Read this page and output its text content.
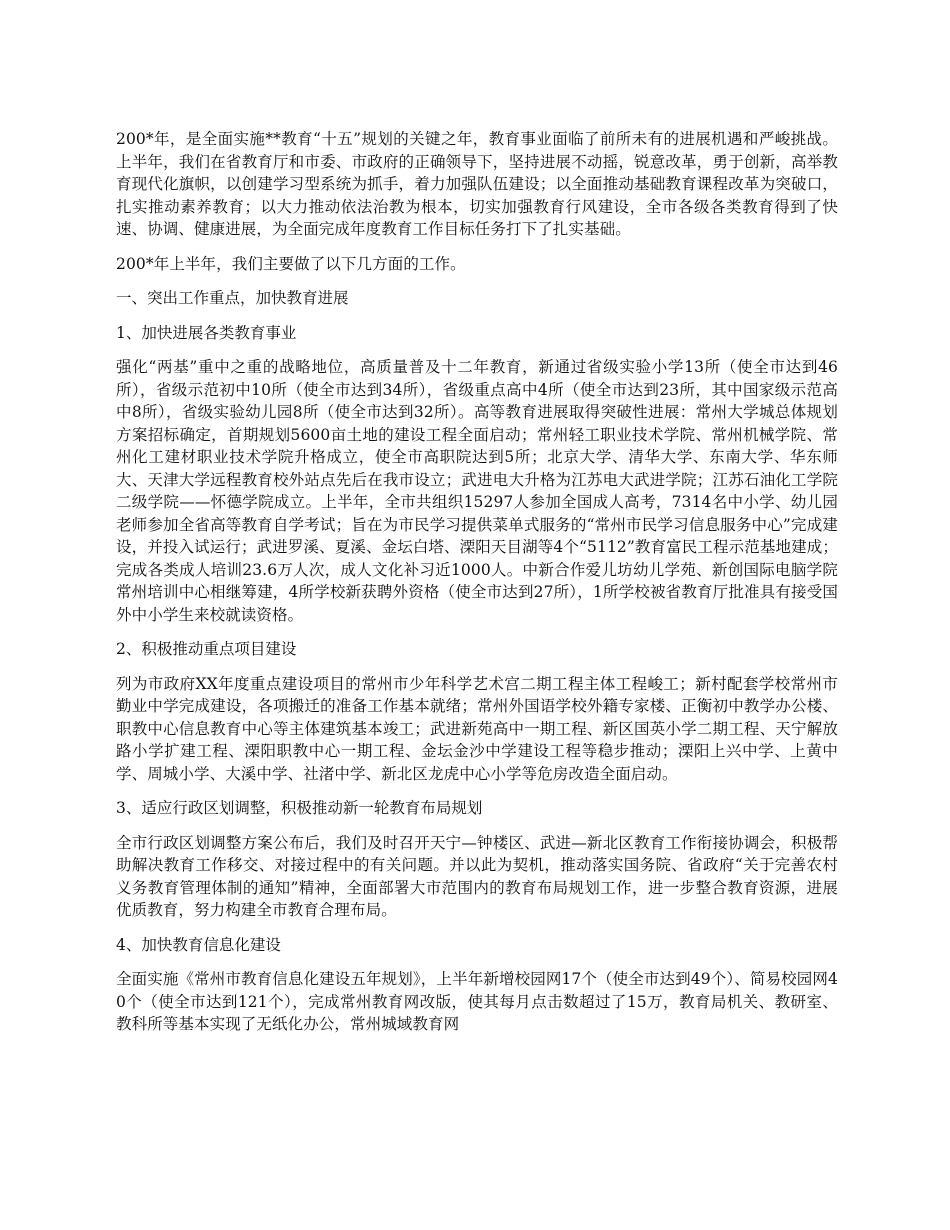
200*年，是全面实施**教育“十五”规划的关键之年，教育事业面临了前所未有的进展机遇和严峻挑战。上半年，我们在省教育厅和市委、市政府的正确领导下，坚持进展不动摇，锐意改革，勇于创新，高举教育现代化旗帜，以创建学习型系统为抓手，着力加强队伍建设；以全面推动基础教育课程改革为突破口，扎实推动素养教育；以大力推动依法治教为根本，切实加强教育行风建设，全市各级各类教育得到了快速、协调、健康进展，为全面完成年度教育工作目标任务打下了扎实基础。

200*年上半年，我们主要做了以下几方面的工作。

一、突出工作重点，加快教育进展

1、加快进展各类教育事业

强化“两基”重中之重的战略地位，高质量普及十二年教育，新通过省级实验小学13所（使全市达到46所），省级示范初中10所（使全市达到34所），省级重点高中4所（使全市达到23所，其中国家级示范高中8所），省级实验幼儿园8所（使全市达到32所）。高等教育进展取得突破性进展：常州大学城总体规划方案招标确定，首期规划5600亩土地的建设工程全面启动；常州轻工职业技术学院、常州机械学院、常州化工建材职业技术学院升格成立，使全市高职院达到5所；北京大学、清华大学、东南大学、华东师大、天津大学远程教育校外站点先后在我市设立；武进电大升格为江苏电大武进学院；江苏石油化工学院二级学院——怀德学院成立。上半年，全市共组织15297人参加全国成人高考，7314名中小学、幼儿园老师参加全省高等教育自学考试；旨在为市民学习提供菜单式服务的“常州市民学习信息服务中心”完成建设，并投入试运行；武进罗溪、夏溪、金坛白塔、溧阳天目湖等4个“5112”教育富民工程示范基地建成；完成各类成人培训23.6万人次，成人文化补习近1000人。中新合作爱儿坊幼儿学苑、新创国际电脑学院常州培训中心相继筹建，4所学校新获聘外资格（使全市达到27所），1所学校被省教育厅批准具有接受国外中小学生来校就读资格。

2、积极推动重点项目建设

列为市政府XX年度重点建设项目的常州市少年科学艺术宫二期工程主体工程峻工；新村配套学校常州市勤业中学完成建设，各项搬迁的准备工作基本就绪；常州外国语学校外籍专家楼、正衡初中教学办公楼、职教中心信息教育中心等主体建筑基本竣工；武进新苑高中一期工程、新区国英小学二期工程、天宁解放路小学扩建工程、溧阳职教中心一期工程、金坛金沙中学建设工程等稳步推动；溧阳上兴中学、上黄中学、周城小学、大溪中学、社渚中学、新北区龙虎中心小学等危房改造全面启动。

3、适应行政区划调整，积极推动新一轮教育布局规划

全市行政区划调整方案公布后，我们及时召开天宁—钟楼区、武进—新北区教育工作衔接协调会，积极帮助解决教育工作移交、对接过程中的有关问题。并以此为契机，推动落实国务院、省政府“关于完善农村义务教育管理体制的通知”精神，全面部署大市范围内的教育布局规划工作，进一步整合教育资源，进展优质教育，努力构建全市教育合理布局。

4、加快教育信息化建设

全面实施《常州市教育信息化建设五年规划》，上半年新增校园网17个（使全市达到49个）、简易校园网40个（使全市达到121个），完成常州教育网改版，使其每月点击数超过了15万，教育局机关、教研室、教科所等基本实现了无纸化办公，常州城域教育网
